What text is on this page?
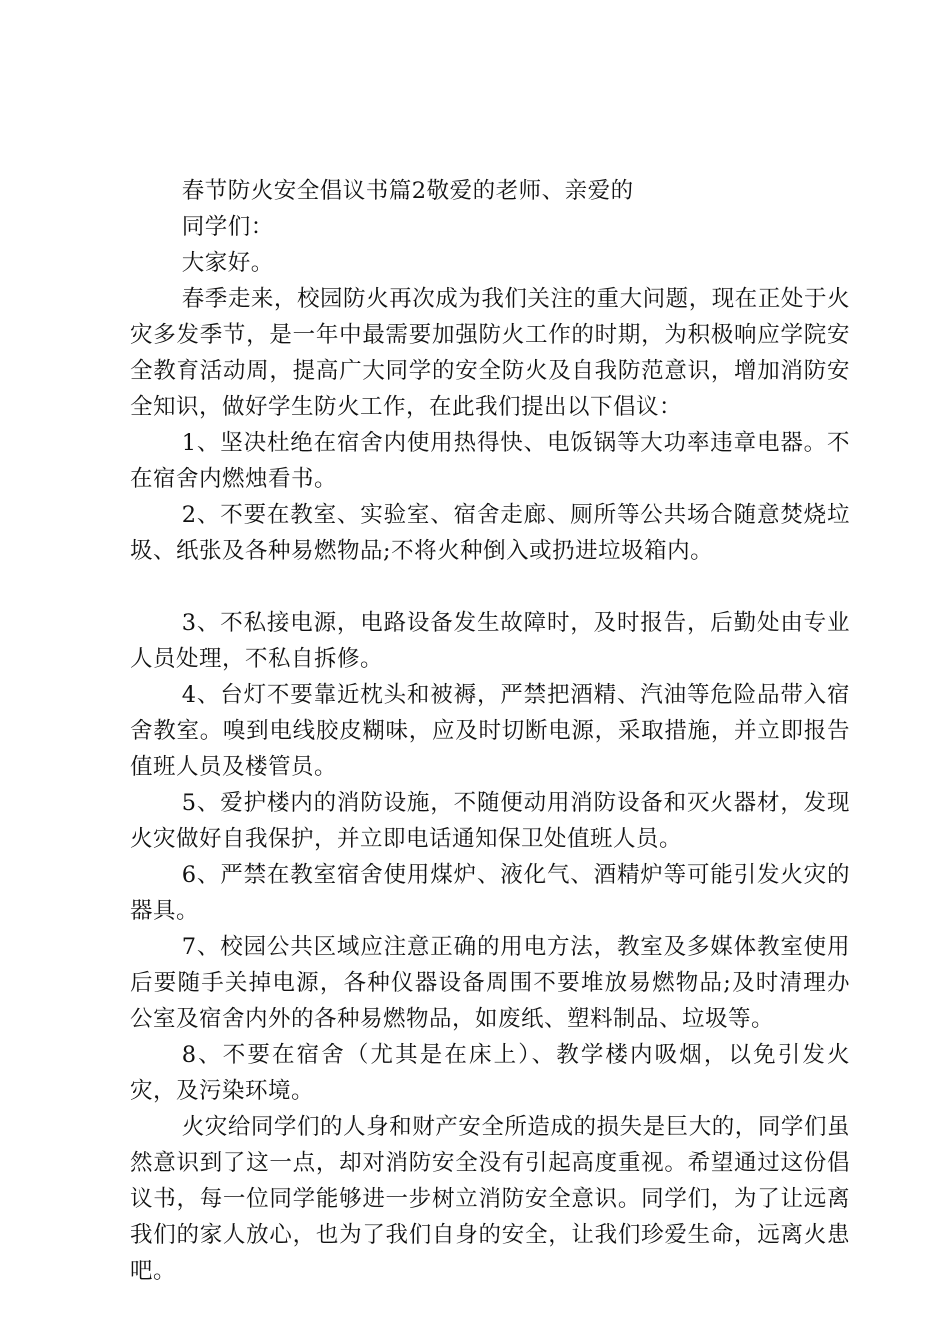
春节防火安全倡议书篇2敬爱的老师、亲爱的

同学们：

大家好。

春季走来，校园防火再次成为我们关注的重大问题，现在正处于火灾多发季节，是一年中最需要加强防火工作的时期，为积极响应学院安全教育活动周，提高广大同学的安全防火及自我防范意识，增加消防安全知识，做好学生防火工作，在此我们提出以下倡议：

1、坚决杜绝在宿舍内使用热得快、电饭锅等大功率违章电器。不在宿舍内燃烛看书。

2、不要在教室、实验室、宿舍走廊、厕所等公共场合随意焚烧垃圾、纸张及各种易燃物品;不将火种倒入或扔进垃圾箱内。

3、不私接电源，电路设备发生故障时，及时报告，后勤处由专业人员处理，不私自拆修。

4、台灯不要靠近枕头和被褥，严禁把酒精、汽油等危险品带入宿舍教室。嗅到电线胶皮糊味，应及时切断电源，采取措施，并立即报告值班人员及楼管员。

5、爱护楼内的消防设施，不随便动用消防设备和灭火器材，发现火灾做好自我保护，并立即电话通知保卫处值班人员。

6、严禁在教室宿舍使用煤炉、液化气、酒精炉等可能引发火灾的器具。

7、校园公共区域应注意正确的用电方法，教室及多媒体教室使用后要随手关掉电源，各种仪器设备周围不要堆放易燃物品;及时清理办公室及宿舍内外的各种易燃物品，如废纸、塑料制品、垃圾等。

8、不要在宿舍（尤其是在床上）、教学楼内吸烟，以免引发火灾，及污染环境。

火灾给同学们的人身和财产安全所造成的损失是巨大的，同学们虽然意识到了这一点，却对消防安全没有引起高度重视。希望通过这份倡议书，每一位同学能够进一步树立消防安全意识。同学们，为了让远离我们的家人放心，也为了我们自身的安全，让我们珍爱生命，远离火患吧。
